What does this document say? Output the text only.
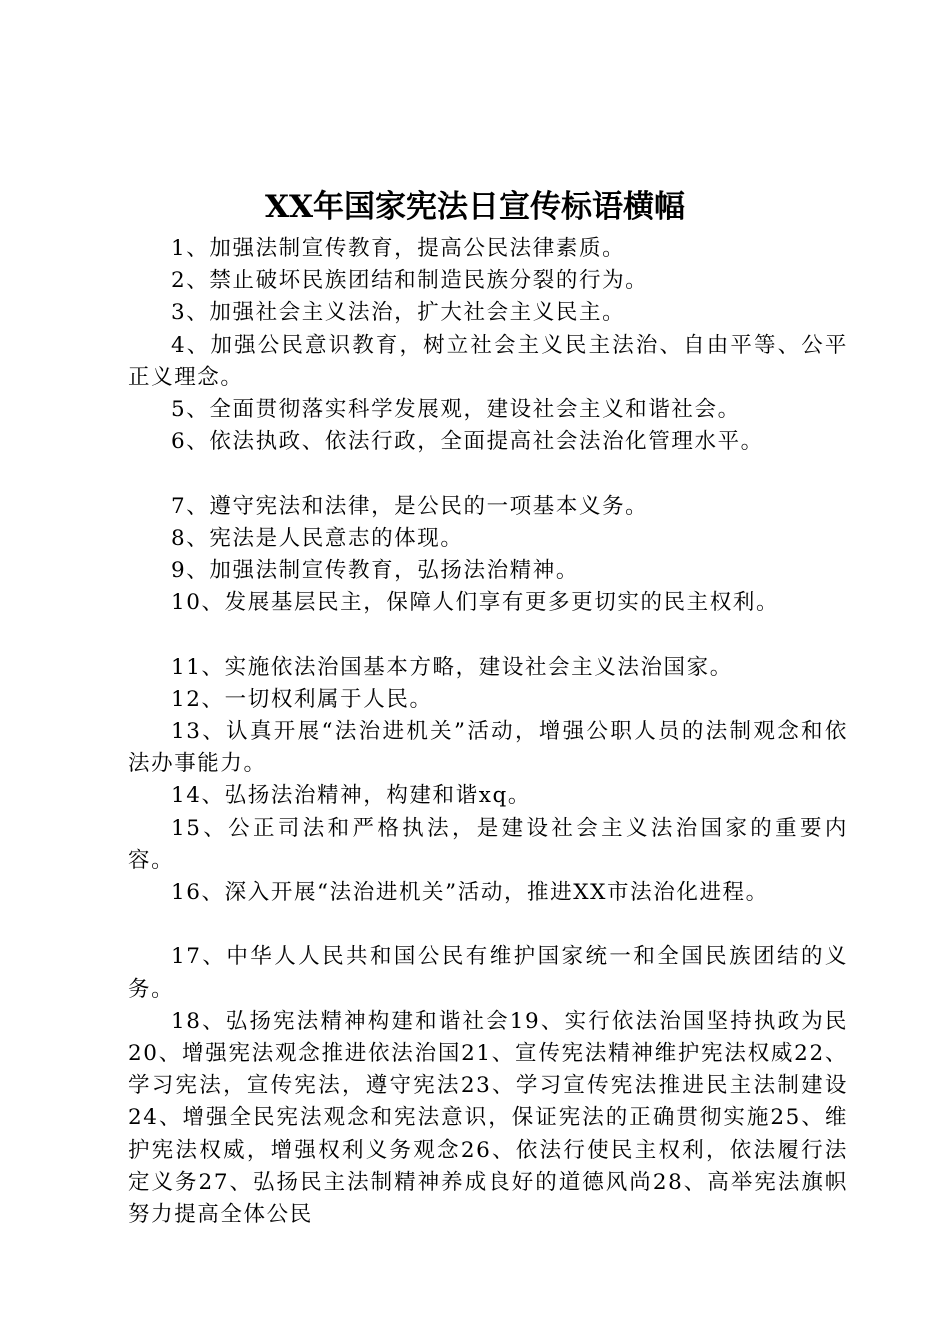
XX年国家宪法日宣传标语横幅

1、加强法制宣传教育，提高公民法律素质。

2、禁止破坏民族团结和制造民族分裂的行为。

3、加强社会主义法治，扩大社会主义民主。

4、加强公民意识教育，树立社会主义民主法治、自由平等、公平正义理念。

5、全面贯彻落实科学发展观，建设社会主义和谐社会。

6、依法执政、依法行政，全面提高社会法治化管理水平。

7、遵守宪法和法律，是公民的一项基本义务。

8、宪法是人民意志的体现。

9、加强法制宣传教育，弘扬法治精神。

10、发展基层民主，保障人们享有更多更切实的民主权利。

11、实施依法治国基本方略，建设社会主义法治国家。

12、一切权利属于人民。

13、认真开展“法治进机关”活动，增强公职人员的法制观念和依法办事能力。

14、弘扬法治精神，构建和谐xq。

15、公正司法和严格执法，是建设社会主义法治国家的重要内容。

16、深入开展“法治进机关”活动，推进XX市法治化进程。

17、中华人人民共和国公民有维护国家统一和全国民族团结的义务。

18、弘扬宪法精神构建和谐社会19、实行依法治国坚持执政为民20、增强宪法观念推进依法治国21、宣传宪法精神维护宪法权威22、学习宪法，宣传宪法，遵守宪法23、学习宣传宪法推进民主法制建设24、增强全民宪法观念和宪法意识，保证宪法的正确贯彻实施25、维护宪法权威，增强权利义务观念26、依法行使民主权利，依法履行法定义务27、弘扬民主法制精神养成良好的道德风尚28、高举宪法旗帜努力提高全体公民
